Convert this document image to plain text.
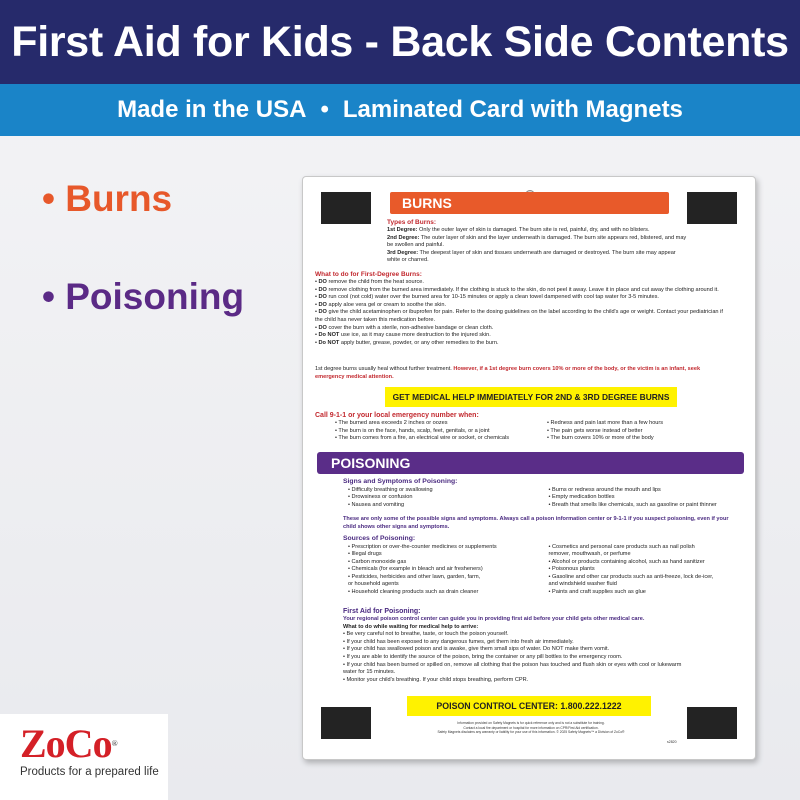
First Aid for Kids - Back Side Contents
Made in the USA • Laminated Card with Magnets
• Burns
• Poisoning
ZoCo®
Products for a prepared life
BURNS
Types of Burns:
1st Degree: Only the outer layer of skin is damaged. The burn site is red, painful, dry, and with no blisters.
2nd Degree: The outer layer of skin and the layer underneath is damaged. The burn site appears red, blistered, and may be swollen and painful.
3rd Degree: The deepest layer of skin and tissues underneath are damaged or destroyed. The burn site may appear white or charred.
What to do for First-Degree Burns:
• DO remove the child from the heat source.
• DO remove clothing from the burned area immediately. If the clothing is stuck to the skin, do not peel it away. Leave it in place and cut away the clothing around it.
• DO run cool (not cold) water over the burned area for 10-15 minutes or apply a clean towel dampened with cool tap water for 3-5 minutes.
• DO apply aloe vera gel or cream to soothe the skin.
• DO give the child acetaminophen or ibuprofen for pain. Refer to the dosing guidelines on the label according to the child's age or weight. Contact your pediatrician if the child has never taken this medication before.
• DO cover the burn with a sterile, non-adhesive bandage or clean cloth.
• Do NOT use ice, as it may cause more destruction to the injured skin.
• Do NOT apply butter, grease, powder, or any other remedies to the burn.
1st degree burns usually heal without further treatment. However, if a 1st degree burn covers 10% or more of the body, or the victim is an infant, seek emergency medical attention.
GET MEDICAL HELP IMMEDIATELY FOR 2ND & 3RD DEGREE BURNS
Call 9-1-1 or your local emergency number when:
• The burned area exceeds 2 inches or oozes
• The burn is on the face, hands, scalp, feet, genitals, or a joint
• The burn comes from a fire, an electrical wire or socket, or chemicals
• Redness and pain last more than a few hours
• The pain gets worse instead of better
• The burn covers 10% or more of the body
POISONING
Signs and Symptoms of Poisoning:
• Difficulty breathing or swallowing
• Drowsiness or confusion
• Nausea and vomiting
• Burns or redness around the mouth and lips
• Empty medication bottles
• Breath that smells like chemicals, such as gasoline or paint thinner
These are only some of the possible signs and symptoms. Always call a poison information center or 9-1-1 if you suspect poisoning, even if your child shows other signs and symptoms.
Sources of Poisoning:
• Prescription or over-the-counter medicines or supplements
• Illegal drugs
• Carbon monoxide gas
• Chemicals (for example in bleach and air fresheners)
• Pesticides, herbicides and other lawn, garden, farm,
or household agents
• Household cleaning products such as drain cleaner
• Cosmetics and personal care products such as nail polish
remover, mouthwash, or perfume
• Alcohol or products containing alcohol, such as hand sanitizer
• Poisonous plants
• Gasoline and other car products such as anti-freeze, lock de-icer,
and windshield washer fluid
• Paints and craft supplies such as glue
First Aid for Poisoning:
Your regional poison control center can guide you in providing first aid before your child gets other medical care.
What to do while waiting for medical help to arrive:
• Be very careful not to breathe, taste, or touch the poison yourself.
• If your child has been exposed to any dangerous fumes, get them into fresh air immediately.
• If your child has swallowed poison and is awake, give them small sips of water. Do NOT make them vomit.
• If you are able to identify the source of the poison, bring the container or any pill bottles to the emergency room.
• If your child has been burned or spilled on, remove all clothing that the poison has touched and flush skin or eyes with cool or lukewarm
water for 15 minutes.
• Monitor your child's breathing. If your child stops breathing, perform CPR.
POISON CONTROL CENTER: 1.800.222.1222
Information provided on Safety Magnets is for quick reference only and is not a substitute for training.
Contact a local fire department or hospital for more information on CPR/First Aid certification.
Safety Magnets disclaims any warranty or liability for your use of this information. © 2025 Safety Magnets™ a Division of ZoCo®
s2820
